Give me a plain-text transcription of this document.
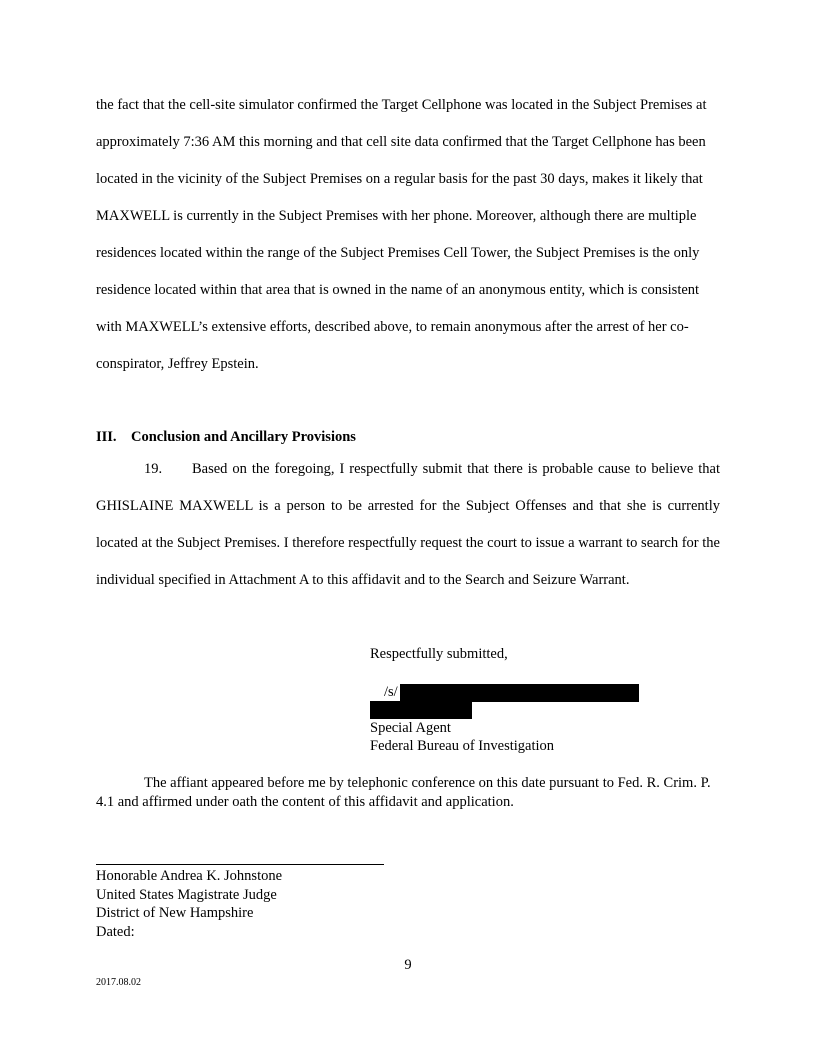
the fact that the cell-site simulator confirmed the Target Cellphone was located in the Subject Premises at approximately 7:36 AM this morning and that cell site data confirmed that the Target Cellphone has been located in the vicinity of the Subject Premises on a regular basis for the past 30 days, makes it likely that MAXWELL is currently in the Subject Premises with her phone. Moreover, although there are multiple residences located within the range of the Subject Premises Cell Tower, the Subject Premises is the only residence located within that area that is owned in the name of an anonymous entity, which is consistent with MAXWELL’s extensive efforts, described above, to remain anonymous after the arrest of her co-conspirator, Jeffrey Epstein.

III. Conclusion and Ancillary Provisions

19. Based on the foregoing, I respectfully submit that there is probable cause to believe that GHISLAINE MAXWELL is a person to be arrested for the Subject Offenses and that she is currently located at the Subject Premises. I therefore respectfully request the court to issue a warrant to search for the individual specified in Attachment A to this affidavit and to the Search and Seizure Warrant.

Respectfully submitted,
/s/
Special Agent
Federal Bureau of Investigation

The affiant appeared before me by telephonic conference on this date pursuant to Fed. R. Crim. P. 4.1 and affirmed under oath the content of this affidavit and application.

Honorable Andrea K. Johnstone
United States Magistrate Judge
District of New Hampshire
Dated:
9
2017.08.02
